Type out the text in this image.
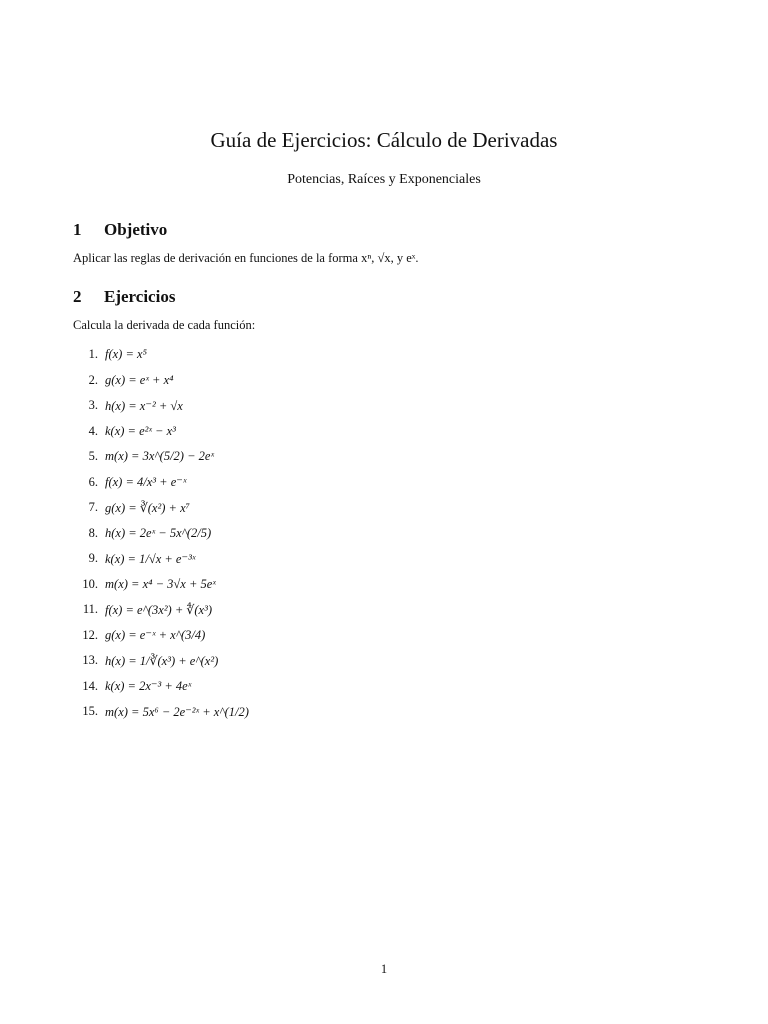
Guía de Ejercicios: Cálculo de Derivadas
Potencias, Raíces y Exponenciales
1 Objetivo
Aplicar las reglas de derivación en funciones de la forma xⁿ, √x, y eˣ.
2 Ejercicios
Calcula la derivada de cada función:
1. f(x) = x⁵
2. g(x) = eˣ + x⁴
3. h(x) = x⁻² + √x
4. k(x) = e²ˣ − x³
5. m(x) = 3x^(5/2) − 2eˣ
6. f(x) = 4/x³ + e⁻ˣ
7. g(x) = ∛(x²) + x⁷
8. h(x) = 2eˣ − 5x^(2/5)
9. k(x) = 1/√x + e⁻³ˣ
10. m(x) = x⁴ − 3√x + 5eˣ
11. f(x) = e^(3x²) + ∜(x³)
12. g(x) = e⁻ˣ + x^(3/4)
13. h(x) = 1/∛(x³) + e^(x²)
14. k(x) = 2x⁻³ + 4eˣ
15. m(x) = 5x⁶ − 2e⁻²ˣ + x^(1/2)
1
